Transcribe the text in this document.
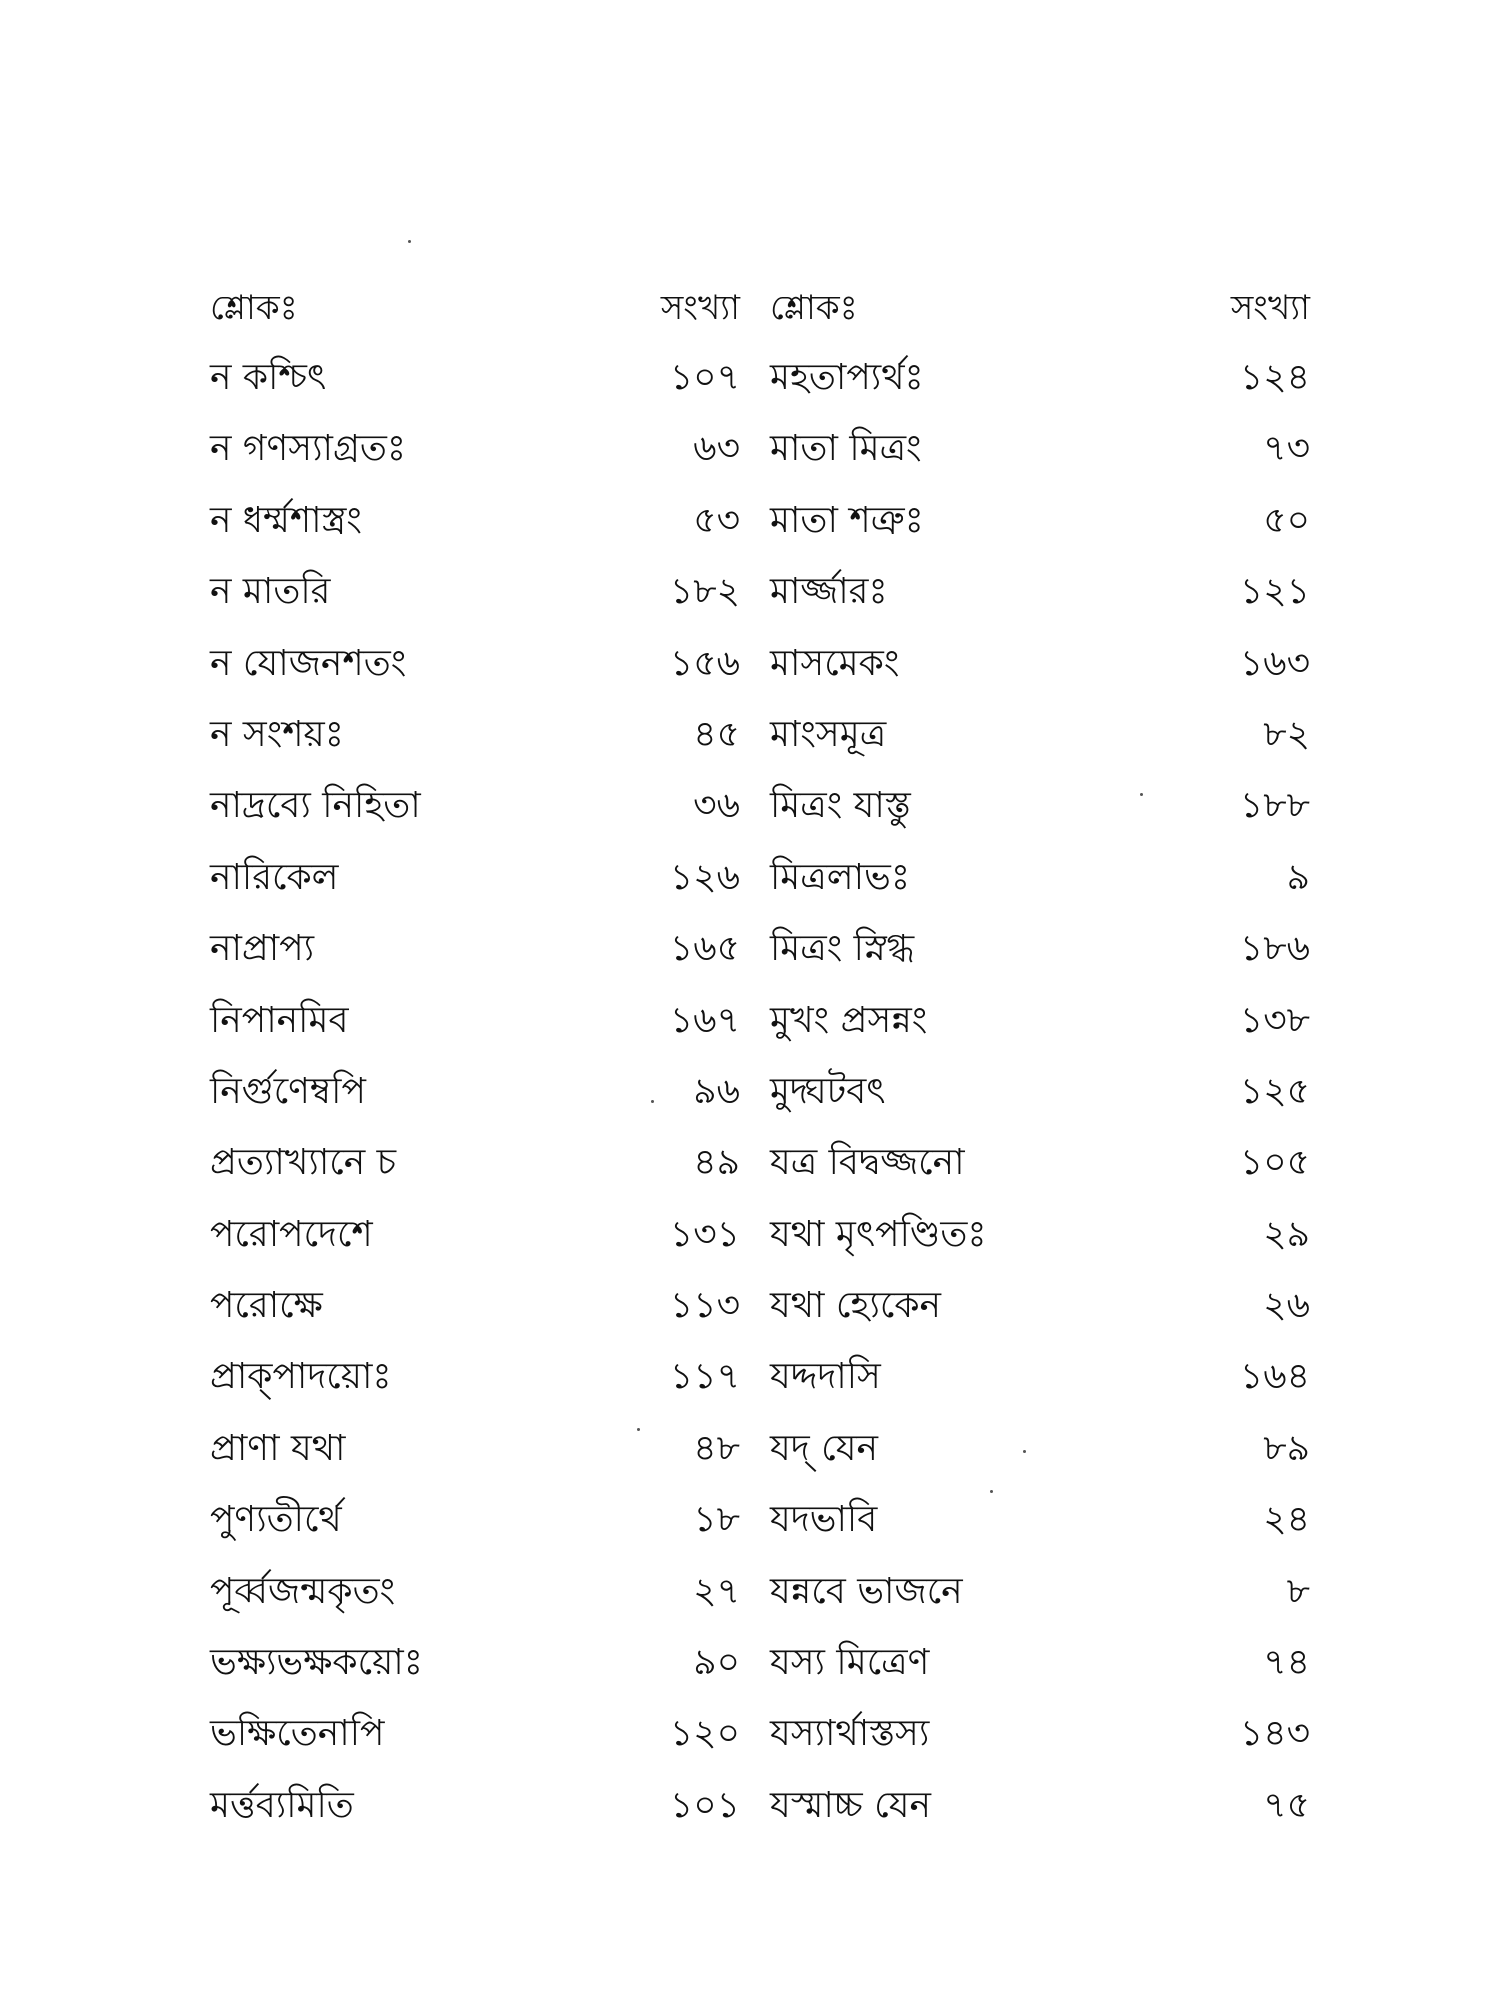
শ্লোকঃ	সংখ্যা শ্লোকঃ	সংখ্যা
ন কশ্চিৎ	১০৭ মহতাপ্যর্থঃ	১২৪
ন গণস্যাগ্রতঃ	৬৩ মাতা মিত্রং	৭৩
ন ধর্ম্মশাস্ত্রং	৫৩ মাতা শত্রুঃ	৫০
ন মাতরি	১৮২ মার্জ্জারঃ	১২১
ন যোজনশতং	১৫৬ মাসমেকং	১৬৩
ন সংশয়ঃ	৪৫ মাংসমূত্র	৮২
নাদ্রব্যে নিহিতা	৩৬ মিত্রং যাস্তু	১৮৮
নারিকেল	১২৬ মিত্রলাভঃ	৯
নাপ্রাপ্য	১৬৫ মিত্রং স্নিগ্ধ	১৮৬
নিপানমিব	১৬৭ মুখং প্রসন্নং	১৩৮
নির্গুণেম্বপি	৯৬ মুদ্ঘটবৎ	১২৫
প্রত্যাখ্যানে চ	৪৯ যত্র বিদ্বজ্জনো	১০৫
পরোপদেশে	১৩১ যথা মৃৎপণ্ডিতঃ	২৯
পরোক্ষে	১১৩ যথা হ্যেকেন	২৬
প্রাক্পাদয়োঃ	১১৭ যদ্দদাসি	১৬৪
প্রাণা যথা	৪৮ যদ্ যেন	৮৯
পুণ্যতীর্থে	১৮ যদভাবি	২৪
পূর্ব্বজন্মকৃতং	২৭ যন্নবে ভাজনে	৮
ভক্ষ্যভক্ষকয়োঃ	৯০ যস্য মিত্রেণ	৭৪
ভক্ষিতেনাপি	১২০ যস্যার্থাস্তস্য	১৪৩
মর্ত্তব্যমিতি	১০১ যস্মাচ্চ যেন	৭৫
